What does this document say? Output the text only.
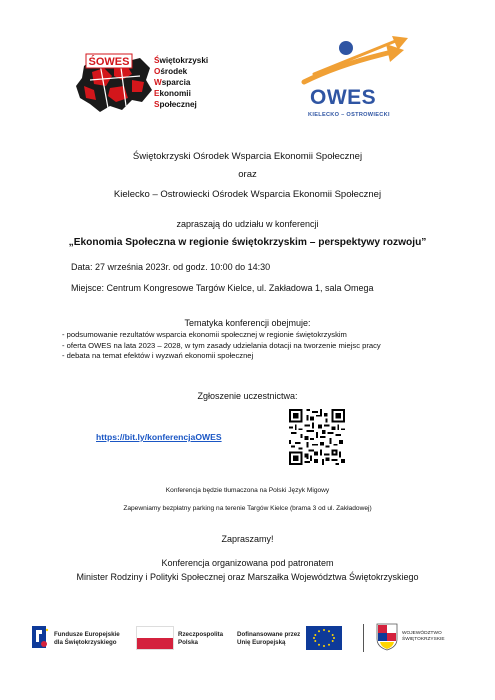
ŚOWES	Świętokrzyski
Ośrodek
Wsparcia
Ekonomii
Społecznej	OWES
KIELECKO – OSTROWIECKI
Świętokrzyski Ośrodek Wsparcia Ekonomii Społecznej
oraz
Kielecko – Ostrowiecki Ośrodek Wsparcia Ekonomii Społecznej
zapraszają do udziału w konferencji
„Ekonomia Społeczna w regionie świętokrzyskim – perspektywy rozwoju”
Data: 27 września 2023r. od godz. 10:00 do 14:30
Miejsce: Centrum Kongresowe Targów Kielce, ul. Zakładowa 1, sala Omega
Tematyka konferencji obejmuje:
- podsumowanie rezultatów wsparcia ekonomii społecznej w regionie świętokrzyskim
- oferta OWES na lata 2023 – 2028, w tym zasady udzielania dotacji na tworzenie miejsc pracy
- debata na temat efektów i wyzwań ekonomii społecznej
Zgłoszenie uczestnictwa:
https://bit.ly/konferencjaOWES
Konferencja będzie tłumaczona na Polski Język Migowy
Zapewniamy bezpłatny parking na terenie Targów Kielce (brama 3 od ul. Zakładowej)
Zapraszamy!
Konferencja organizowana pod patronatem
Minister Rodziny i Polityki Społecznej oraz Marszałka Województwa Świętokrzyskiego
Fundusze Europejskie
dla Świętokrzyskiego
Rzeczpospolita
Polska
Dofinansowane przez
Unię Europejską
WOJEWÓDZTWO
ŚWIĘTOKRZYSKIE
